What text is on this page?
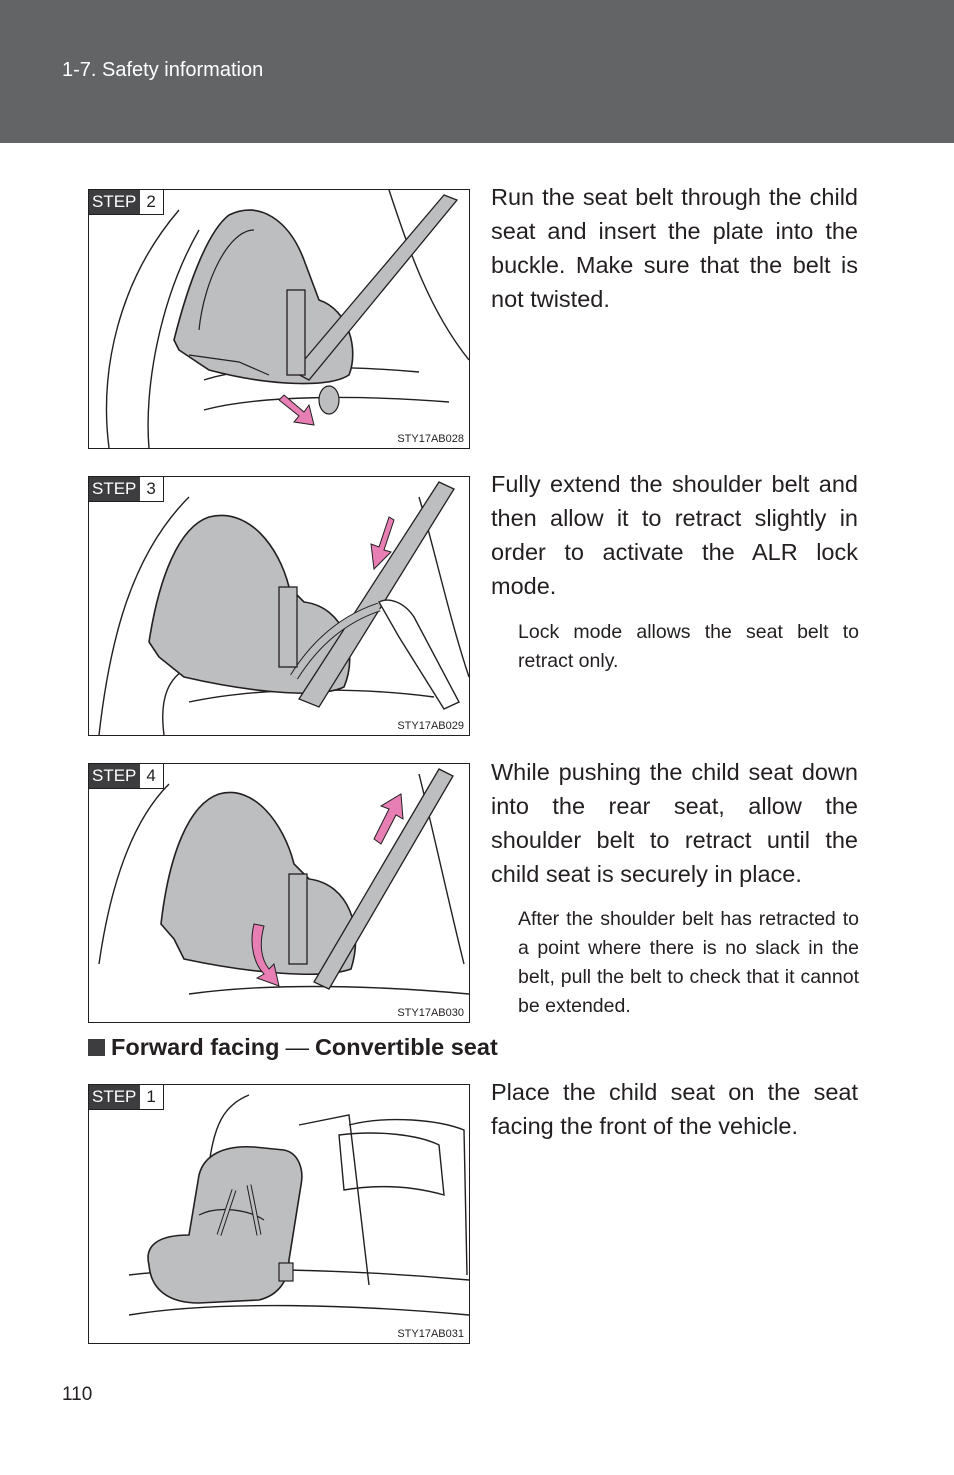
1-7. Safety information
STEP 2
STY17AB028
Run the seat belt through the child seat and insert the plate into the buckle. Make sure that the belt is not twisted.
STEP 3
STY17AB029
Fully extend the shoulder belt and then allow it to retract slightly in order to activate the ALR lock mode.
Lock mode allows the seat belt to retract only.
STEP 4
STY17AB030
While pushing the child seat down into the rear seat, allow the shoulder belt to retract until the child seat is securely in place.
After the shoulder belt has retracted to a point where there is no slack in the belt, pull the belt to check that it cannot be extended.
Forward facing — Convertible seat
STEP 1
STY17AB031
Place the child seat on the seat facing the front of the vehicle.
110
